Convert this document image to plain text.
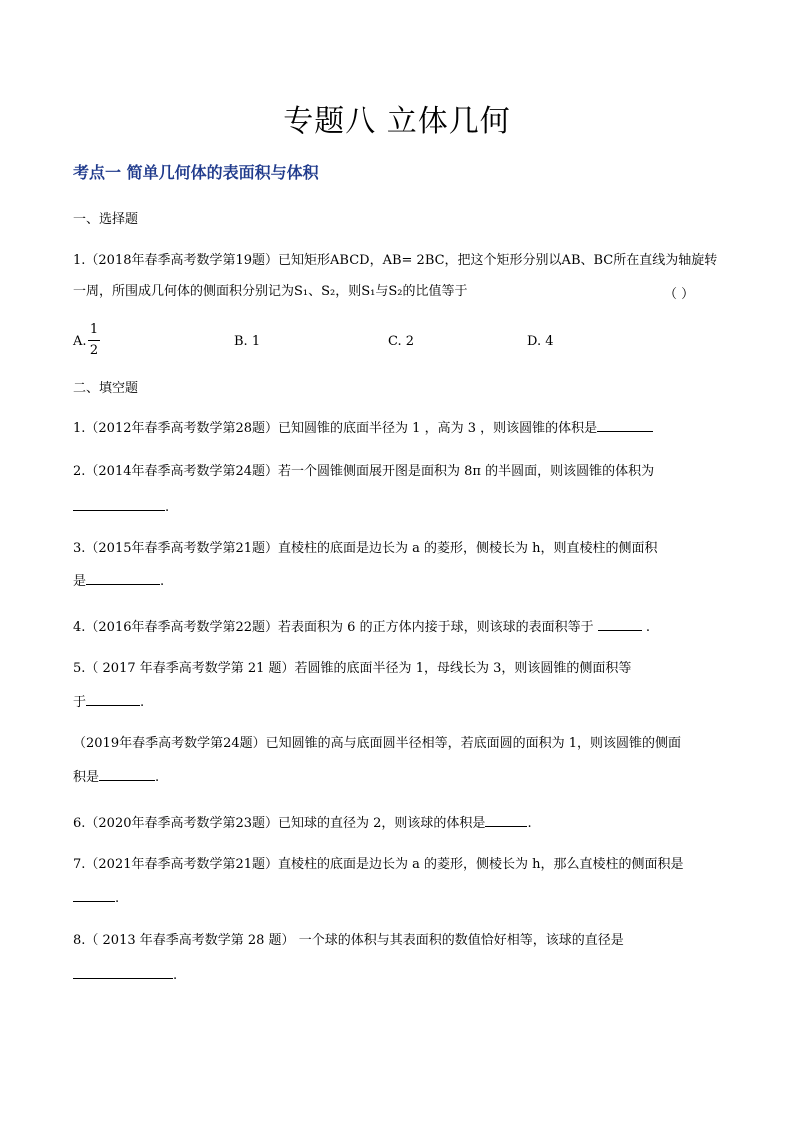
专题八 立体几何
考点一 简单几何体的表面积与体积
一、选择题
1.（2018年春季高考数学第19题）已知矩形ABCD，AB= 2BC，把这个矩形分别以AB、BC所在直线为轴旋转
一周，所围成几何体的侧面积分别记为S₁、S₂，则S₁与S₂的比值等于	（ ）
A.
1
2
B. 1	C. 2	D. 4
二、填空题
1.（2012年春季高考数学第28题）已知圆锥的底面半径为 1 ，高为 3 ，则该圆锥的体积是
2.（2014年春季高考数学第24题）若一个圆锥侧面展开图是面积为 8π 的半圆面，则该圆锥的体积为
.
3.（2015年春季高考数学第21题）直棱柱的底面是边长为 a 的菱形，侧棱长为 h，则直棱柱的侧面积
是	.
4.（2016年春季高考数学第22题）若表面积为 6 的正方体内接于球，则该球的表面积等于	.
5.（ 2017 年春季高考数学第 21 题）若圆锥的底面半径为 1，母线长为 3，则该圆锥的侧面积等
于	.
（2019年春季高考数学第24题）已知圆锥的高与底面圆半径相等，若底面圆的面积为 1，则该圆锥的侧面
积是	.
6.（2020年春季高考数学第23题）已知球的直径为 2，则该球的体积是	.
7.（2021年春季高考数学第21题）直棱柱的底面是边长为 a 的菱形，侧棱长为 h，那么直棱柱的侧面积是
.
8.（ 2013 年春季高考数学第 28 题） 一个球的体积与其表面积的数值恰好相等，该球的直径是
.
